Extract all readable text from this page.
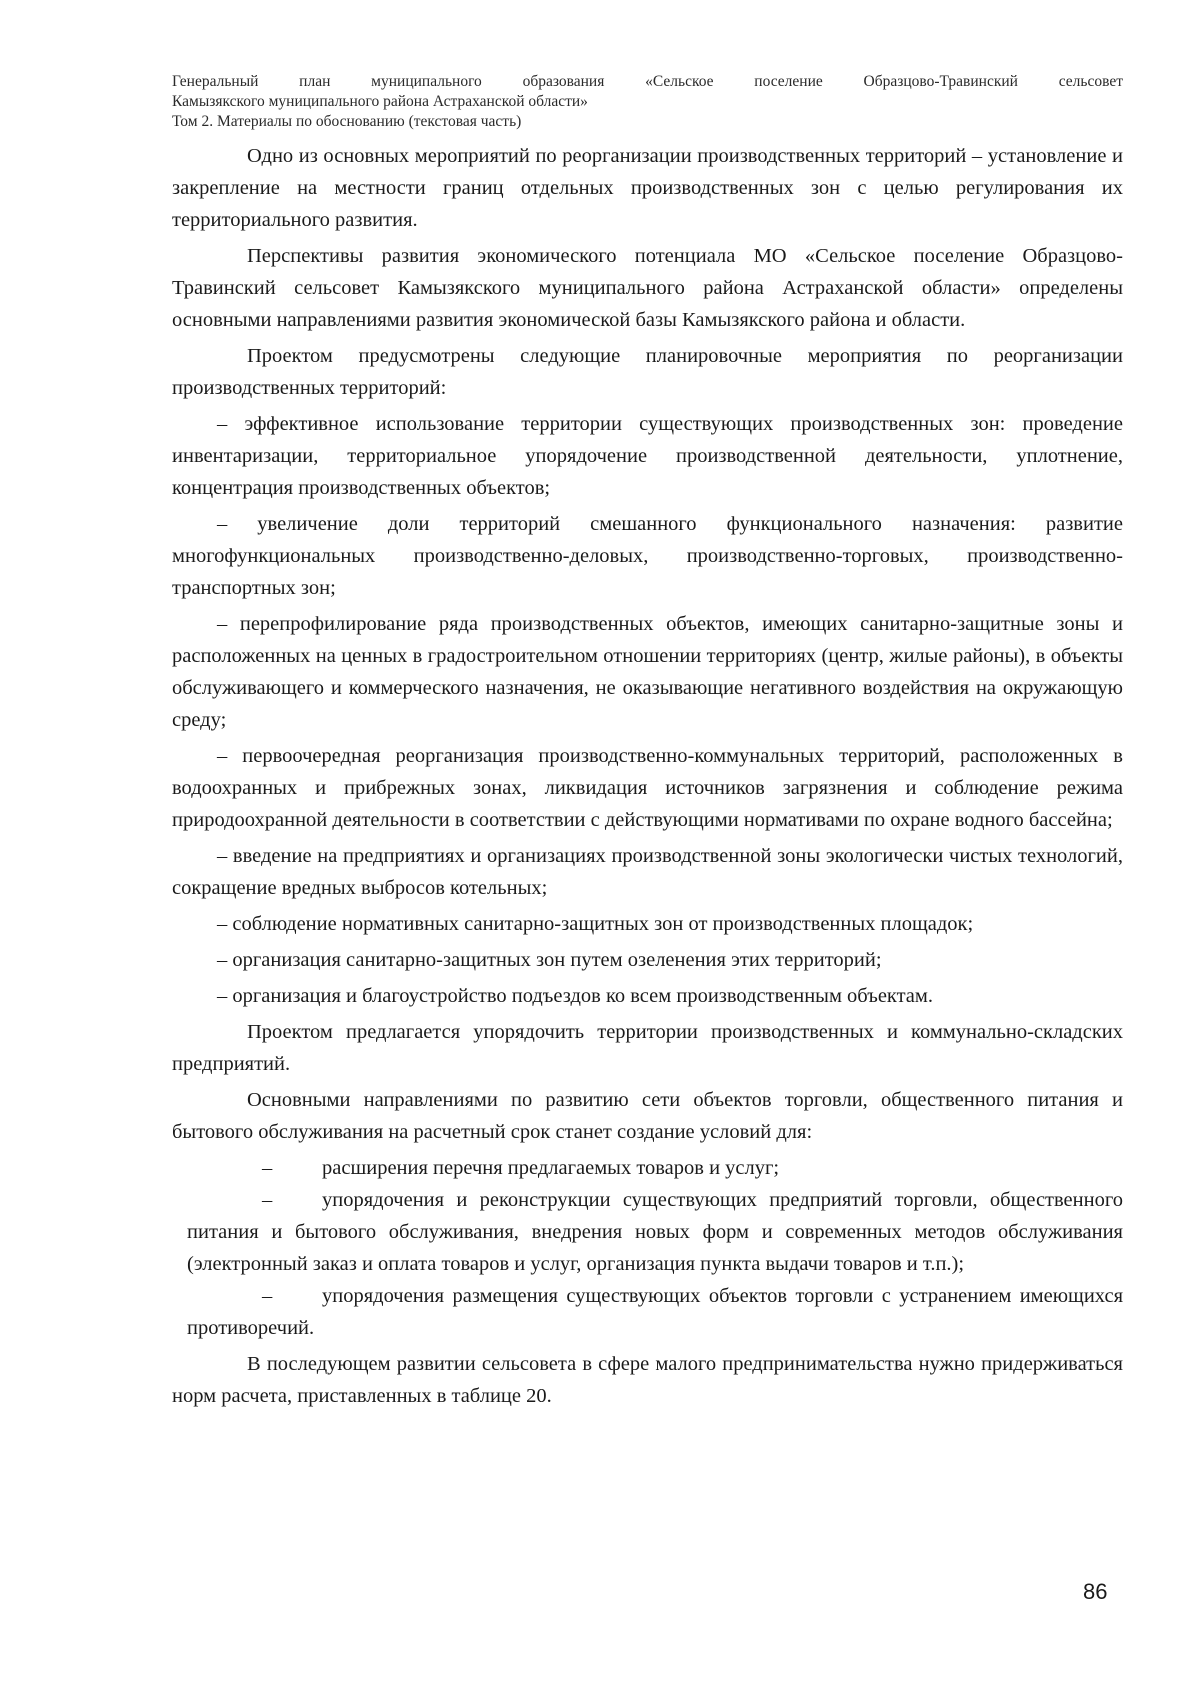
Генеральный план муниципального образования «Сельское поселение Образцово-Травинский сельсовет
Камызякского муниципального района Астраханской области»
Том 2. Материалы по обоснованию (текстовая часть)

Одно из основных мероприятий по реорганизации производственных территорий – установление и закрепление на местности границ отдельных производственных зон с целью регулирования их территориального развития.

Перспективы развития экономического потенциала МО «Сельское поселение Образцово-Травинский сельсовет Камызякского муниципального района Астраханской области» определены основными направлениями развития экономической базы Камызякского района и области.

Проектом предусмотрены следующие планировочные мероприятия по реорганизации производственных территорий:

– эффективное использование территории существующих производственных зон: проведение инвентаризации, территориальное упорядочение производственной деятельности, уплотнение, концентрация производственных объектов;

– увеличение доли территорий смешанного функционального назначения: развитие многофункциональных производственно-деловых, производственно-торговых, производственно- транспортных зон;

– перепрофилирование ряда производственных объектов, имеющих санитарно-защитные зоны и расположенных на ценных в градостроительном отношении территориях (центр, жилые районы), в объекты обслуживающего и коммерческого назначения, не оказывающие негативного воздействия на окружающую среду;

– первоочередная реорганизация производственно-коммунальных территорий, расположенных в водоохранных и прибрежных зонах, ликвидация источников загрязнения и соблюдение режима природоохранной деятельности в соответствии с действующими нормативами по охране водного бассейна;

– введение на предприятиях и организациях производственной зоны экологически чистых технологий, сокращение вредных выбросов котельных;

– соблюдение нормативных санитарно-защитных зон от производственных площадок;

– организация санитарно-защитных зон путем озеленения этих территорий;

– организация и благоустройство подъездов ко всем производственным объектам.

Проектом предлагается упорядочить территории производственных и коммунально-складских предприятий.

Основными направлениями по развитию сети объектов торговли, общественного питания и бытового обслуживания на расчетный срок станет создание условий для:

– расширения перечня предлагаемых товаров и услуг;
– упорядочения и реконструкции существующих предприятий торговли, общественного питания и бытового обслуживания, внедрения новых форм и современных методов обслуживания (электронный заказ и оплата товаров и услуг, организация пункта выдачи товаров и т.п.);
– упорядочения размещения существующих объектов торговли с устранением имеющихся противоречий.

В последующем развитии сельсовета в сфере малого предпринимательства нужно придерживаться норм расчета, приставленных в таблице 20.

86
